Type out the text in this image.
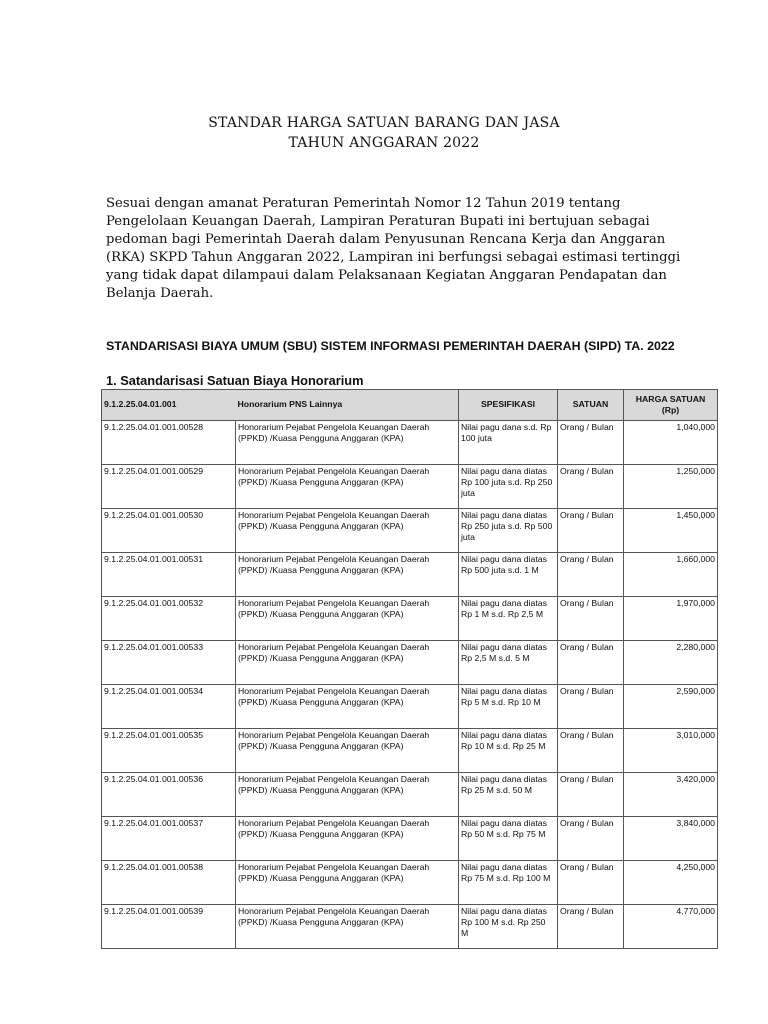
STANDAR HARGA SATUAN BARANG DAN JASA
TAHUN ANGGARAN 2022

Sesuai dengan amanat Peraturan Pemerintah Nomor 12 Tahun 2019 tentang Pengelolaan Keuangan Daerah, Lampiran Peraturan Bupati ini bertujuan sebagai pedoman bagi Pemerintah Daerah dalam Penyusunan Rencana Kerja dan Anggaran (RKA) SKPD Tahun Anggaran 2022, Lampiran ini berfungsi sebagai estimasi tertinggi yang tidak dapat dilampaui dalam Pelaksanaan Kegiatan Anggaran Pendapatan dan Belanja Daerah.

STANDARISASI BIAYA UMUM (SBU) SISTEM INFORMASI PEMERINTAH DAERAH (SIPD) TA. 2022
1. Satandarisasi Satuan Biaya Honorarium
9.1.2.25.04.01.001	Honorarium PNS Lainnya	SPESIFIKASI	SATUAN	HARGA SATUAN (Rp)
9.1.2.25.04.01.001.00528	Honorarium Pejabat Pengelola Keuangan Daerah (PPKD) /Kuasa Pengguna Anggaran (KPA)	Nilai pagu dana s.d. Rp 100 juta	Orang / Bulan	1,040,000
9.1.2.25.04.01.001.00529	Honorarium Pejabat Pengelola Keuangan Daerah (PPKD) /Kuasa Pengguna Anggaran (KPA)	Nilai pagu dana diatas Rp 100 juta s.d. Rp 250 juta	Orang / Bulan	1,250,000
9.1.2.25.04.01.001.00530	Honorarium Pejabat Pengelola Keuangan Daerah (PPKD) /Kuasa Pengguna Anggaran (KPA)	Nilai pagu dana diatas Rp 250 juta s.d. Rp 500 juta	Orang / Bulan	1,450,000
9.1.2.25.04.01.001.00531	Honorarium Pejabat Pengelola Keuangan Daerah (PPKD) /Kuasa Pengguna Anggaran (KPA)	Nilai pagu dana diatas Rp 500 juta s.d. 1 M	Orang / Bulan	1,660,000
9.1.2.25.04.01.001.00532	Honorarium Pejabat Pengelola Keuangan Daerah (PPKD) /Kuasa Pengguna Anggaran (KPA)	Nilai pagu dana diatas Rp 1 M s.d. Rp 2,5 M	Orang / Bulan	1,970,000
9.1.2.25.04.01.001.00533	Honorarium Pejabat Pengelola Keuangan Daerah (PPKD) /Kuasa Pengguna Anggaran (KPA)	Nilai pagu dana diatas Rp 2,5 M s.d. 5 M	Orang / Bulan	2,280,000
9.1.2.25.04.01.001.00534	Honorarium Pejabat Pengelola Keuangan Daerah (PPKD) /Kuasa Pengguna Anggaran (KPA)	Nilai pagu dana diatas Rp 5 M s.d. Rp 10 M	Orang / Bulan	2,590,000
9.1.2.25.04.01.001.00535	Honorarium Pejabat Pengelola Keuangan Daerah (PPKD) /Kuasa Pengguna Anggaran (KPA)	Nilai pagu dana diatas Rp 10 M s.d. Rp 25 M	Orang / Bulan	3,010,000
9.1.2.25.04.01.001.00536	Honorarium Pejabat Pengelola Keuangan Daerah (PPKD) /Kuasa Pengguna Anggaran (KPA)	Nilai pagu dana diatas Rp 25 M s.d. 50 M	Orang / Bulan	3,420,000
9.1.2.25.04.01.001.00537	Honorarium Pejabat Pengelola Keuangan Daerah (PPKD) /Kuasa Pengguna Anggaran (KPA)	Nilai pagu dana diatas Rp 50 M s.d. Rp 75 M	Orang / Bulan	3,840,000
9.1.2.25.04.01.001.00538	Honorarium Pejabat Pengelola Keuangan Daerah (PPKD) /Kuasa Pengguna Anggaran (KPA)	Nilai pagu dana diatas Rp 75 M s.d. Rp 100 M	Orang / Bulan	4,250,000
9.1.2.25.04.01.001.00539	Honorarium Pejabat Pengelola Keuangan Daerah (PPKD) /Kuasa Pengguna Anggaran (KPA)	Nilai pagu dana diatas Rp 100 M s.d. Rp 250 M	Orang / Bulan	4,770,000
